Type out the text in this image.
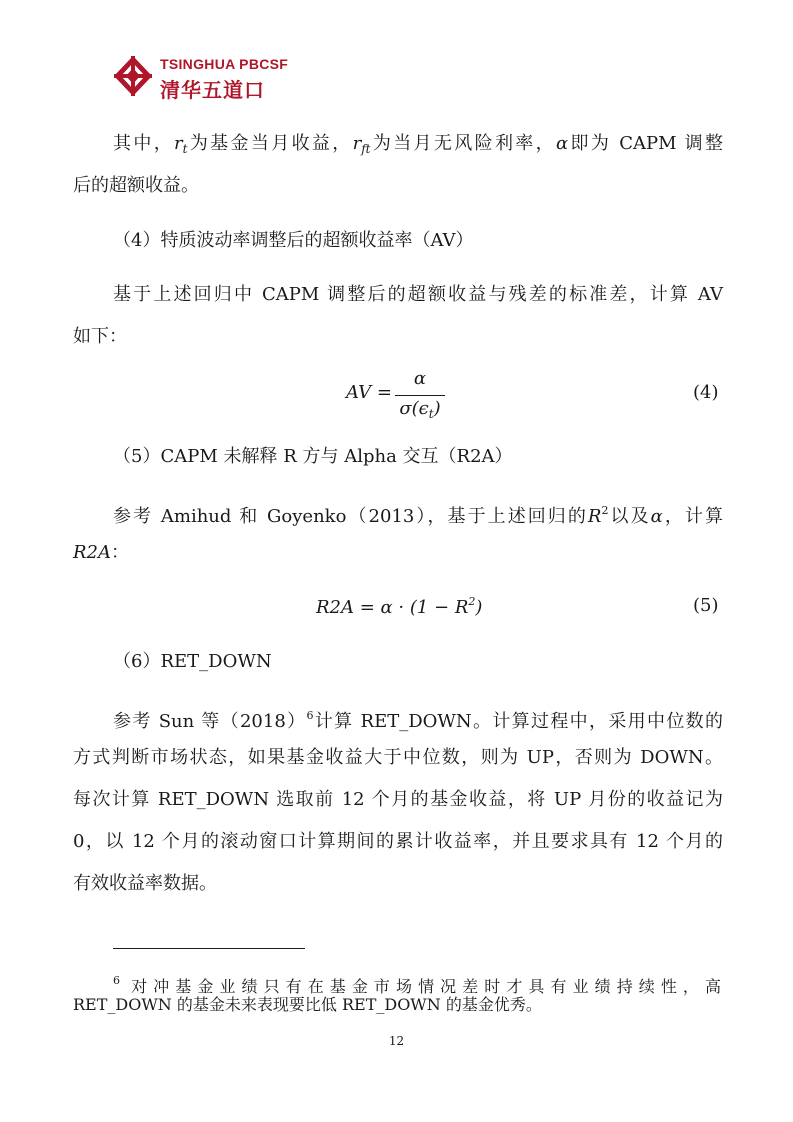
TSINGHUA PBCSF
清华五道口
其中，$r_t$为基金当月收益，$r_{ft}$为当月无风险利率，α即为 CAPM 调整
后的超额收益。
（4）特质波动率调整后的超额收益率（AV）
基于上述回归中 CAPM 调整后的超额收益与残差的标准差，计算 AV
如下：
AV =
α
$\sigma(\epsilon_t)$
(4)
（5）CAPM 未解释 R 方与 Alpha 交互（R2A）
参考 Amihud 和 Goyenko（2013），基于上述回归的$R^2$以及α，计算
R2A：
$R2A = \alpha \cdot (1 - R^2)$	(5)
（6）RET_DOWN
参考 Sun 等$(2018)^6$计算 RET_DOWN。计算过程中，采用中位数的
方式判断市场状态，如果基金收益大于中位数，则为 UP，否则为 DOWN。
每次计算 RET_DOWN 选取前 12 个月的基金收益，将 UP 月份的收益记为
0，以 12 个月的滚动窗口计算期间的累计收益率，并且要求具有 12 个月的
有效收益率数据。
$^6$ 对冲基金业绩只有在基金市场情况差时才具有业绩持续性，高
RET_DOWN 的基金未来表现要比低 RET_DOWN 的基金优秀。
12
